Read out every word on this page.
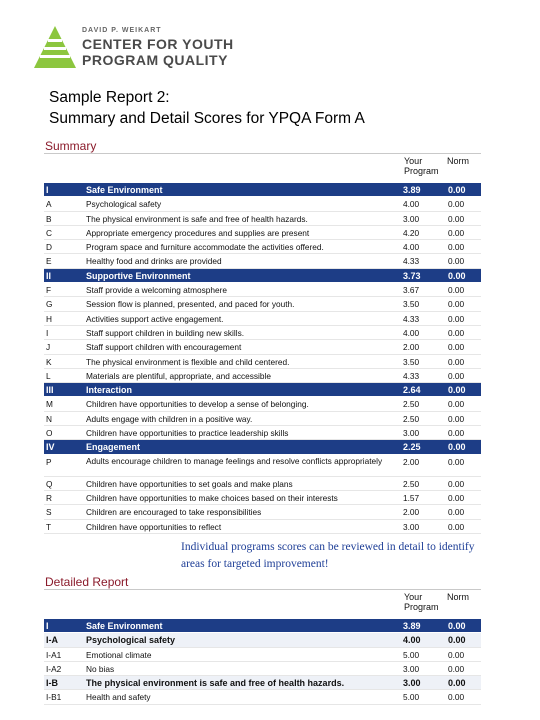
DAVID P. WEIKART
CENTER FOR YOUTH
PROGRAM QUALITY
Sample Report 2:
Summary and Detail Scores for YPQA Form A
Summary
Your Program
Norm
I	Safe Environment	3.89	0.00
A	Psychological safety	4.00	0.00
B	The physical environment is safe and free of health hazards.	3.00	0.00
C	Appropriate emergency procedures and supplies are present	4.20	0.00
D	Program space and furniture accommodate the activities offered.	4.00	0.00
E	Healthy food and drinks are provided	4.33	0.00
II	Supportive Environment	3.73	0.00
F	Staff provide a welcoming atmosphere	3.67	0.00
G	Session flow is planned, presented, and paced for youth.	3.50	0.00
H	Activities support active engagement.	4.33	0.00
I	Staff support children in building new skills.	4.00	0.00
J	Staff support children with encouragement	2.00	0.00
K	The physical environment is flexible and child centered.	3.50	0.00
L	Materials are plentiful, appropriate, and accessible	4.33	0.00
III	Interaction	2.64	0.00
M	Children have opportunities to develop a sense of belonging.	2.50	0.00
N	Adults engage with children in a positive way.	2.50	0.00
O	Children have opportunities to practice leadership skills	3.00	0.00
IV	Engagement	2.25	0.00
P	Adults encourage children to manage feelings and resolve conflicts appropriately	2.00	0.00
Q	Children have opportunities to set goals and make plans	2.50	0.00
R	Children have opportunities to make choices based on their interests	1.57	0.00
S	Children are encouraged to take responsibilities	2.00	0.00
T	Children have opportunities to reflect	3.00	0.00
Individual programs scores can be reviewed in detail to identify areas for targeted improvement!
Detailed Report
Your Program
Norm
I	Safe Environment	3.89	0.00
I-A	Psychological safety	4.00	0.00
I-A1	Emotional climate	5.00	0.00
I-A2	No bias	3.00	0.00
I-B	The physical environment is safe and free of health hazards.	3.00	0.00
I-B1	Health and safety	5.00	0.00
